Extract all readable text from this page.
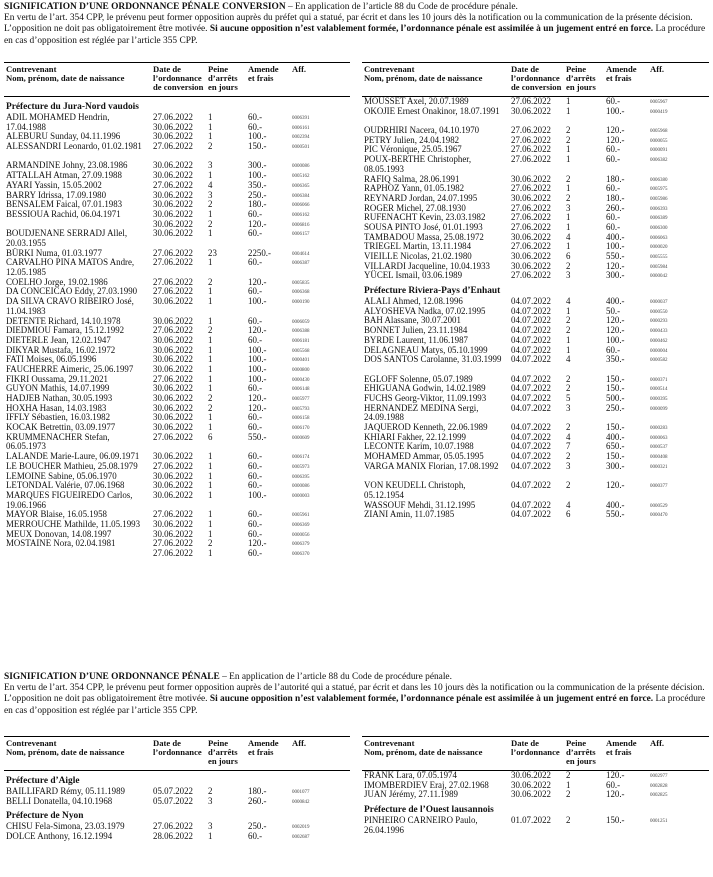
SIGNIFICATION D’UNE ORDONNANCE PÉNALE CONVERSION – En application de l’article 88 du Code de procédure pénale.

En vertu de l’art. 354 CPP, le prévenu peut former opposition auprès du préfet qui a statué, par écrit et dans les 10 jours dès la notification ou la communication de la présente décision. L’opposition ne doit pas obligatoirement être motivée. Si aucune opposition n’est valablement formée, l’ordonnance pénale est assimilée à un jugement entré en force. La procédure en cas d’opposition est réglée par l’article 355 CPP.

Contrevenant
Nom, prénom, date de naissance
Date de
l’ordonnance
de conversion
Peine
d’arrêts
en jours
Amende
et frais
Aff.
Préfecture du Jura-Nord vaudois
ADIL MOHAMED Hendrin, 17.04.1988
27.06.2022 1	60.-	0006391
30.06.2022 1	60.-	0006161
ALEBURU Sunday, 04.11.1996	30.06.2022 1	100.-	0002394
ALESSANDRI Leonardo, 01.02.1981	27.06.2022 2	150.-	0000501
ARMANDINE Johny, 23.08.1986	30.06.2022 3	300.-	0000086
ATTALLAH Atman, 27.09.1988	30.06.2022 1	100.-	0005162
AYARI Yassin, 15.05.2002	27.06.2022 4	350.-	0006365
BARRY Idrissa, 17.09.1980	30.06.2022 3	250.-	0006384
BENSALEM Faical, 07.01.1983	30.06.2022 2	180.-	0006066
BESSIOUA Rachid, 06.04.1971	30.06.2022 1	60.-	0006162
30.06.2022 2	120.-	0006816
BOUDJENANE SERRADJ Allel, 20.03.1955
30.06.2022 1	60.-	0006157
BÜRKI Numa, 01.03.1977	27.06.2022 23	2250.-	0004614
CARVALHO PINA MATOS Andre, 12.05.1985
27.06.2022 1	60.-	0006387
COELHO Jorge, 19.02.1986	27.06.2022 2	120.-	0005835
DA CONCEICAO Eddy, 27.03.1990	27.06.2022 1	60.-	0006368
DA SILVA CRAVO RIBEIRO José, 11.04.1983
30.06.2022 1	100.-	0000190
DETENTE Richard, 14.10.1978	30.06.2022 1	60.-	0006059
DIEDMIOU Famara, 15.12.1992	27.06.2022 2	120.-	0006388
DIETERLE Jean, 12.02.1947	30.06.2022 1	60.-	0006181
DIKYAR Mustafa, 16.02.1972	30.06.2022 1	100.-	0005568
FATI Moises, 06.05.1996	30.06.2022 1	100.-	0000401
FAUCHERRE Aimeric, 25.06.1997	30.06.2022 1	100.-	0000800
FIKRI Oussama, 29.11.2021	27.06.2022 1	100.-	0000430
GUYON Mathis, 14.07.1999	30.06.2022 1	60.-	0006148
HADJEB Nathan, 30.05.1993	30.06.2022 2	120.-	0005977
HOXHA Hasan, 14.03.1983	30.06.2022 2	120.-	0005793
IFFLY Sébastien, 16.03.1982	30.06.2022 1	60.-	0006158
KOCAK Betrettin, 03.09.1977	30.06.2022 1	60.-	0006170
KRUMMENACHER Stefan, 06.05.1973
27.06.2022 6	550.-	0000609
LALANDE Marie-Laure, 06.09.1971	30.06.2022 1	60.-	0006174
LE BOUCHER Mathieu, 25.08.1979	27.06.2022 1	60.-	0005973
LEMOINE Sabine, 05.06.1970	30.06.2022 1	60.-	0006395
LETONDAL Valérie, 07.06.1968	30.06.2022 1	60.-	0000086
MARQUES FIGUEIREDO Carlos, 19.06.1966
30.06.2022 1	100.-	0000003
MAYOR Blaise, 16.05.1958	27.06.2022 1	60.-	0005961
MERROUCHE Mathilde, 11.05.1993	30.06.2022 1	60.-	0006369
MEUX Donovan, 14.08.1997	30.06.2022 1	60.-	0000056
MOSTAINE Nora, 02.04.1981	27.06.2022 2	120.-	0006379
27.06.2022 1	60.-	0006370
Contrevenant
Nom, prénom, date de naissance
Date de
l’ordonnance
de conversion
Peine
d’arrêts
en jours
Amende
et frais
Aff.
MOUSSET Axel, 20.07.1989	27.06.2022 1	60.-	0005967
OKOJIE Ernest Onakinor, 18.07.1991	30.06.2022 1	100.-	0000419
OUDRHIRI Nacera, 04.10.1970	27.06.2022 2	120.-	0005968
PETRY Julien, 24.04.1982	27.06.2022 2	120.-	0000055
PIC Véronique, 25.05.1967	27.06.2022 1	60.-	0000091
POUX-BERTHE Christopher, 08.05.1993
27.06.2022 1	60.-	0006382
RAFIQ Salma, 28.06.1991	30.06.2022 2	180.-	0006380
RAPHOZ Yann, 01.05.1982	27.06.2022 1	60.-	0005975
REYNARD Jordan, 24.07.1995	30.06.2022 2	180.-	0005986
ROGER Michel, 27.08.1930	27.06.2022 3	260.-	0006393
RUFENACHT Kevin, 23.03.1982	27.06.2022 1	60.-	0006389
SOUSA PINTO José, 01.01.1993	27.06.2022 1	60.-	0006300
TAMBADOU Massa, 25.08.1972	30.06.2022 4	400.-	0006063
TRIEGEL Martin, 13.11.1984	27.06.2022 1	100.-	0000020
VIEILLE Nicolas, 21.02.1980	30.06.2022 6	550.-	0005555
VILLARDI Jacqueline, 10.04.1933	30.06.2022 2	120.-	0005984
YÜCEL Ismail, 03.06.1989	27.06.2022 3	300.-	0000042
Préfecture Riviera-Pays d’Enhaut
ALALI Ahmed, 12.08.1996	04.07.2022 4	400.-	0000037
ALYOSHEVA Nadka, 07.02.1995	04.07.2022 1	50.-	0000550
BAH Alassane, 30.07.2001	04.07.2022 2	120.-	0000293
BONNET Julien, 23.11.1984	04.07.2022 2	120.-	0000433
BYRDE Laurent, 11.06.1987	04.07.2022 1	100.-	0000462
DELAGNEAU Matys, 05.10.1999	04.07.2022 1	60.-	0000004
DOS SANTOS Carolanne, 31.03.1999	04.07.2022 4	350.-	0000582
EGLOFF Solenne, 05.07.1989	04.07.2022 2	150.-	0000371
EHIGUANA Godwin, 14.02.1989	04.07.2022 2	150.-	0000514
FUCHS Georg-Viktor, 11.09.1993	04.07.2022 5	500.-	0000395
HERNANDEZ MEDINA Sergi, 24.09.1988
04.07.2022 3	250.-	0000099
JAQUEROD Kenneth, 22.06.1989	04.07.2022 2	150.-	0000283
KHIARI Fakher, 22.12.1999	04.07.2022 4	400.-	0000063
LECONTE Karim, 10.07.1988	04.07.2022 7	650.-	0000537
MOHAMED Ammar, 05.05.1995	04.07.2022 2	150.-	0000408
VARGA MANIX Florian, 17.08.1992	04.07.2022 3	300.-	0000321
VON KEUDELL Christoph, 05.12.1954
04.07.2022 2	120.-	0000377
WASSOUF Mehdi, 31.12.1995	04.07.2022 4	400.-	0000529
ZIANI Amin, 11.07.1985	04.07.2022 6	550.-	0000470

SIGNIFICATION D’UNE ORDONNANCE PÉNALE – En application de l’article 88 du Code de procédure pénale.

En vertu de l’art. 354 CPP, le prévenu peut former opposition auprès de l’autorité qui a statué, par écrit et dans les 10 jours dès la notification ou la communication de la présente décision. L’opposition ne doit pas obligatoirement être motivée. Si aucune opposition n’est valablement formée, l’ordonnance pénale est assimilée à un jugement entré en force. La procédure en cas d’opposition est réglée par l’article 355 CPP.

Contrevenant
Nom, prénom, date de naissance
Date de
l’ordonnance
Peine
d’arrêts
en jours
Amende
et frais
Aff.
Préfecture d’Aigle
BAILLIFARD Rémy, 05.11.1989	05.07.2022 2	180.-	0001077
BELLI Donatella, 04.10.1968	05.07.2022 3	260.-	0000842
Préfecture de Nyon
CHISU Fela-Simona, 23.03.1979	27.06.2022 3	250.-	0002019
DOLCE Anthony, 16.12.1994	28.06.2022 1	60.-	0002687
Contrevenant
Nom, prénom, date de naissance
Date de
l’ordonnance
Peine
d’arrêts
en jours
Amende
et frais
Aff.
FRANK Lara, 07.05.1974	30.06.2022 2	120.-	0002977
IMOMBERDIEV Eraj, 27.02.1968	30.06.2022 1	60.-	0002828
JUAN Jérémy, 27.11.1989	30.06.2022 2	120.-	0002825
Préfecture de l’Ouest lausannois
PINHEIRO CARNEIRO Paulo, 26.04.1996
01.07.2022 2	150.-	0001251
